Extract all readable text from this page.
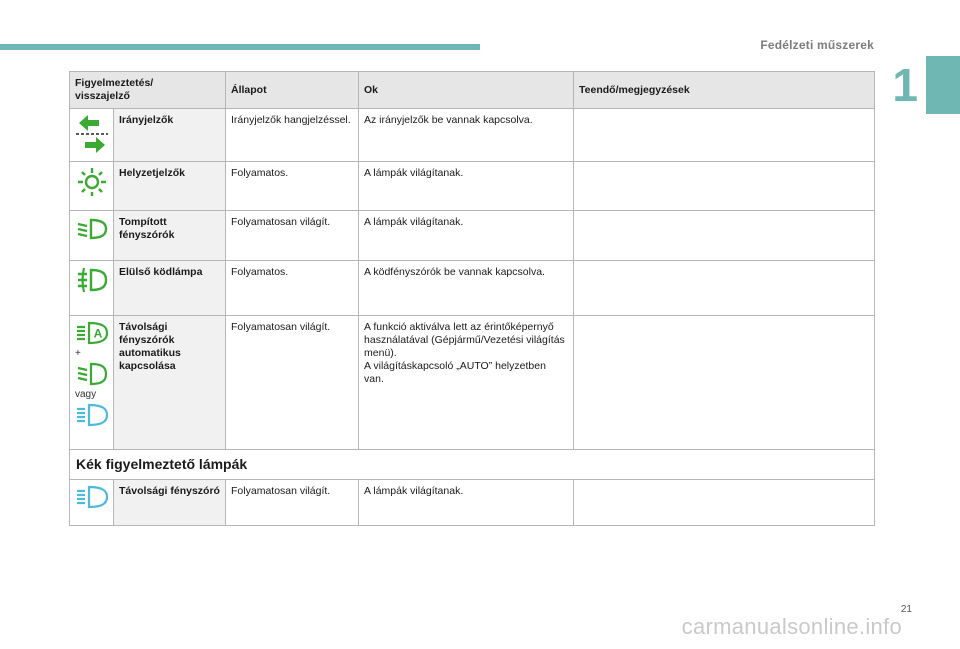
Fedélzeti műszerek
1
Figyelmeztetés/
visszajelző		Állapot	Ok	Teendő/megjegyzések

	Irányjelzők	Irányjelzők hangjelzéssel.	Az irányjelzők be vannak kapcsolva.	

	Helyzetjelzők	Folyamatos.	A lámpák világítanak.	

	Tompított fényszórók	Folyamatosan világít.	A lámpák világítanak.	

	Elülső ködlámpa	Folyamatos.	A ködfényszórók be vannak kapcsolva.	

A
+
vagy	Távolsági fényszórók automatikus kapcsolása	Folyamatosan világít.	A funkció aktiválva lett az érintőképernyő használatával (Gépjármű/Vezetési világítás menü).
A világításkapcsoló „AUTO” helyzetben van.	
Kék figyelmeztető lámpák				

	Távolsági fényszóró	Folyamatosan világít.	A lámpák világítanak.	
21
carmanualsonline.info
